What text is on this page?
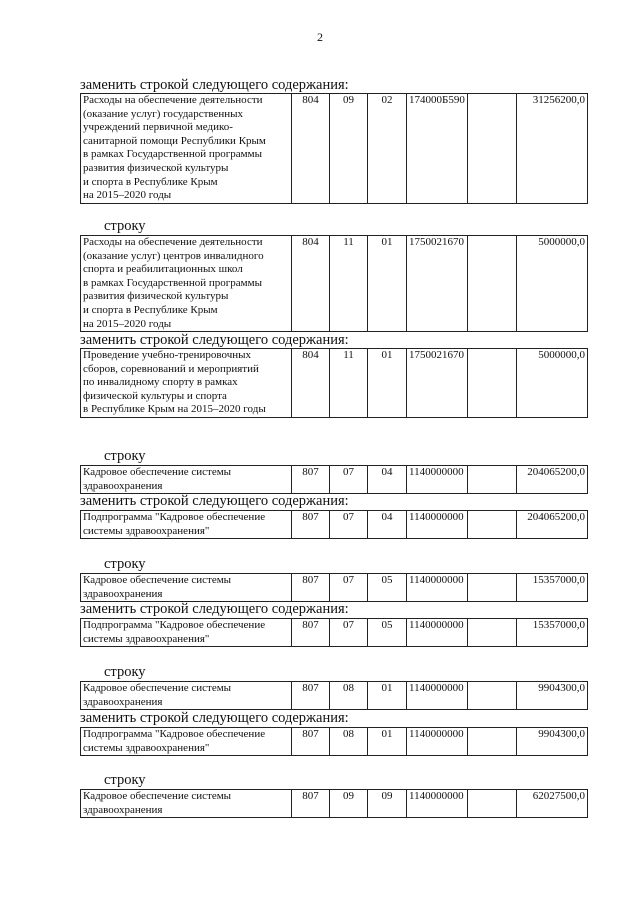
2
заменить строкой следующего содержания:
Расходы на обеспечение деятельности
(оказание услуг) государственных
учреждений первичной медико-
санитарной помощи Республики Крым
в рамках Государственной программы
развития физической культуры
и спорта в Республике Крым
на 2015–2020 годы
	804	09	02	174000Б590		31256200,0
строку
Расходы на обеспечение деятельности
(оказание услуг) центров инвалидного
спорта и реабилитационных школ
в рамках Государственной программы
развития физической культуры
и спорта в Республике Крым
на 2015–2020 годы
	804	11	01	1750021670		5000000,0
заменить строкой следующего содержания:
Проведение учебно-тренировочных
сборов, соревнований и мероприятий
по инвалидному спорту в рамках
физической культуры и спорта
в Республике Крым на 2015–2020 годы
	804	11	01	1750021670		5000000,0
строку
Кадровое обеспечение системы
здравоохранения
	807	07	04	1140000000		204065200,0
заменить строкой следующего содержания:
Подпрограмма "Кадровое обеспечение
системы здравоохранения"
	807	07	04	1140000000		204065200,0
строку
Кадровое обеспечение системы
здравоохранения
	807	07	05	1140000000		15357000,0
заменить строкой следующего содержания:
Подпрограмма "Кадровое обеспечение
системы здравоохранения"
	807	07	05	1140000000		15357000,0
строку
Кадровое обеспечение системы
здравоохранения
	807	08	01	1140000000		9904300,0
заменить строкой следующего содержания:
Подпрограмма "Кадровое обеспечение
системы здравоохранения"
	807	08	01	1140000000		9904300,0
строку
Кадровое обеспечение системы
здравоохранения
	807	09	09	1140000000		62027500,0
